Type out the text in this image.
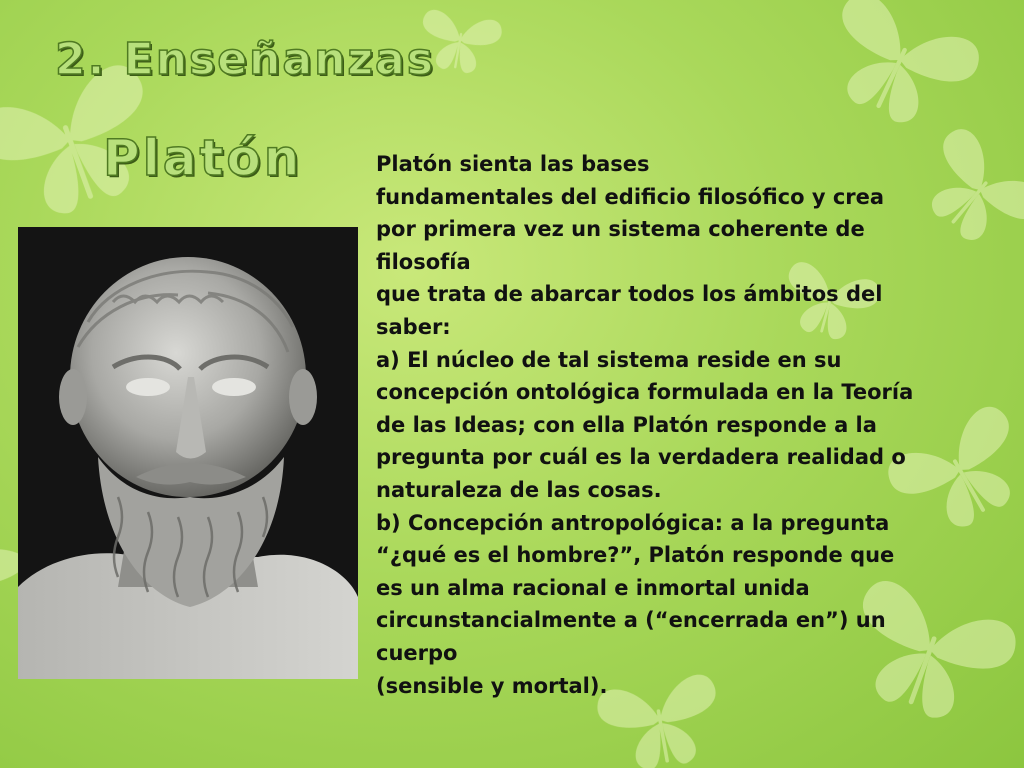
2. Enseñanzas
Platón	Platón sienta las bases
fundamentales del edificio filosófico y crea
por primera vez un sistema coherente de
filosofía
que trata de abarcar todos los ámbitos del
saber:
a) El núcleo de tal sistema reside en su
concepción ontológica formulada en la Teoría
de las Ideas; con ella Platón responde a la
pregunta por cuál es la verdadera realidad o
naturaleza de las cosas.
b) Concepción antropológica: a la pregunta
“¿qué es el hombre?”, Platón responde que
es un alma racional e inmortal unida
circunstancialmente a (“encerrada en”) un
cuerpo
(sensible y mortal).
